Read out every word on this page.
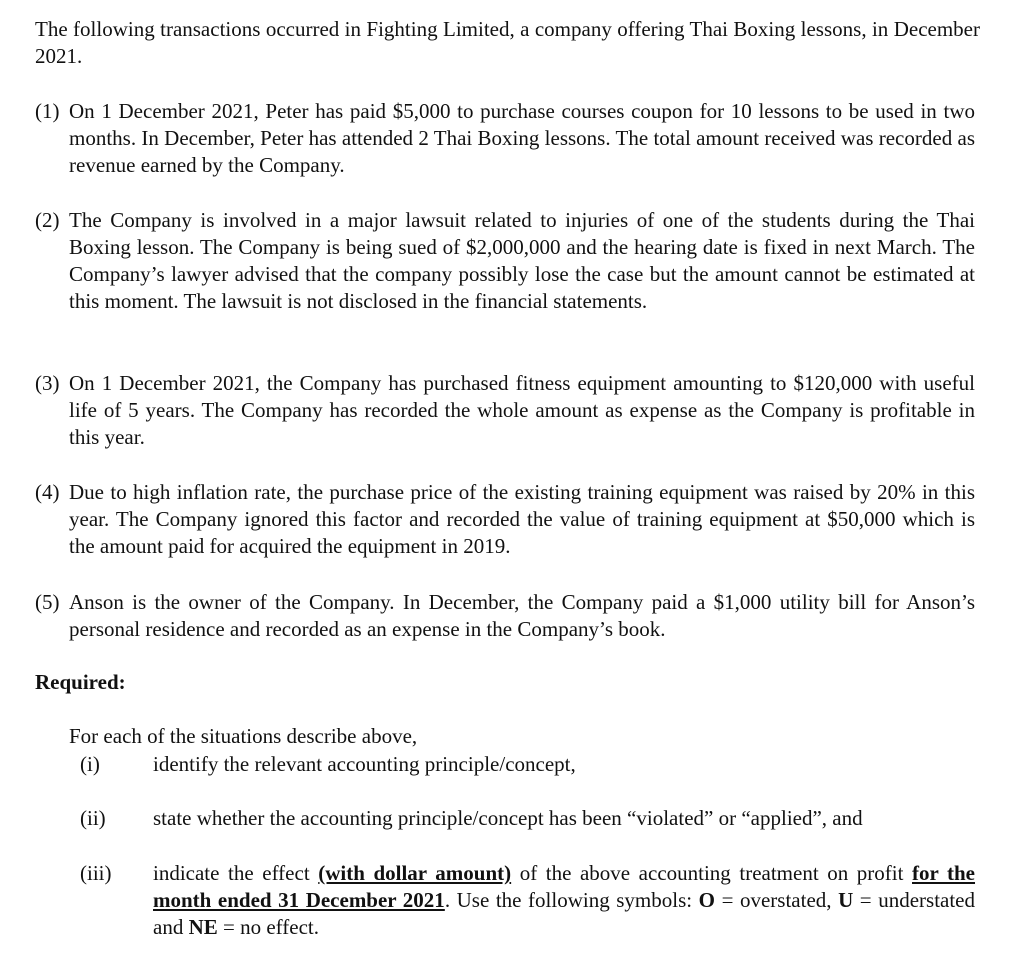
The following transactions occurred in Fighting Limited, a company offering Thai Boxing lessons, in December 2021.
(1) On 1 December 2021, Peter has paid $5,000 to purchase courses coupon for 10 lessons to be used in two months. In December, Peter has attended 2 Thai Boxing lessons. The total amount received was recorded as revenue earned by the Company.
(2) The Company is involved in a major lawsuit related to injuries of one of the students during the Thai Boxing lesson. The Company is being sued of $2,000,000 and the hearing date is fixed in next March. The Company’s lawyer advised that the company possibly lose the case but the amount cannot be estimated at this moment. The lawsuit is not disclosed in the financial statements.
(3) On 1 December 2021, the Company has purchased fitness equipment amounting to $120,000 with useful life of 5 years. The Company has recorded the whole amount as expense as the Company is profitable in this year.
(4) Due to high inflation rate, the purchase price of the existing training equipment was raised by 20% in this year. The Company ignored this factor and recorded the value of training equipment at $50,000 which is the amount paid for acquired the equipment in 2019.
(5) Anson is the owner of the Company. In December, the Company paid a $1,000 utility bill for Anson’s personal residence and recorded as an expense in the Company’s book.
Required:
For each of the situations describe above,
(i)	identify the relevant accounting principle/concept,
(ii) state whether the accounting principle/concept has been “violated” or “applied”, and
(iii) indicate the effect (with dollar amount) of the above accounting treatment on profit for the month ended 31 December 2021. Use the following symbols: O = overstated, U = understated and NE = no effect.
